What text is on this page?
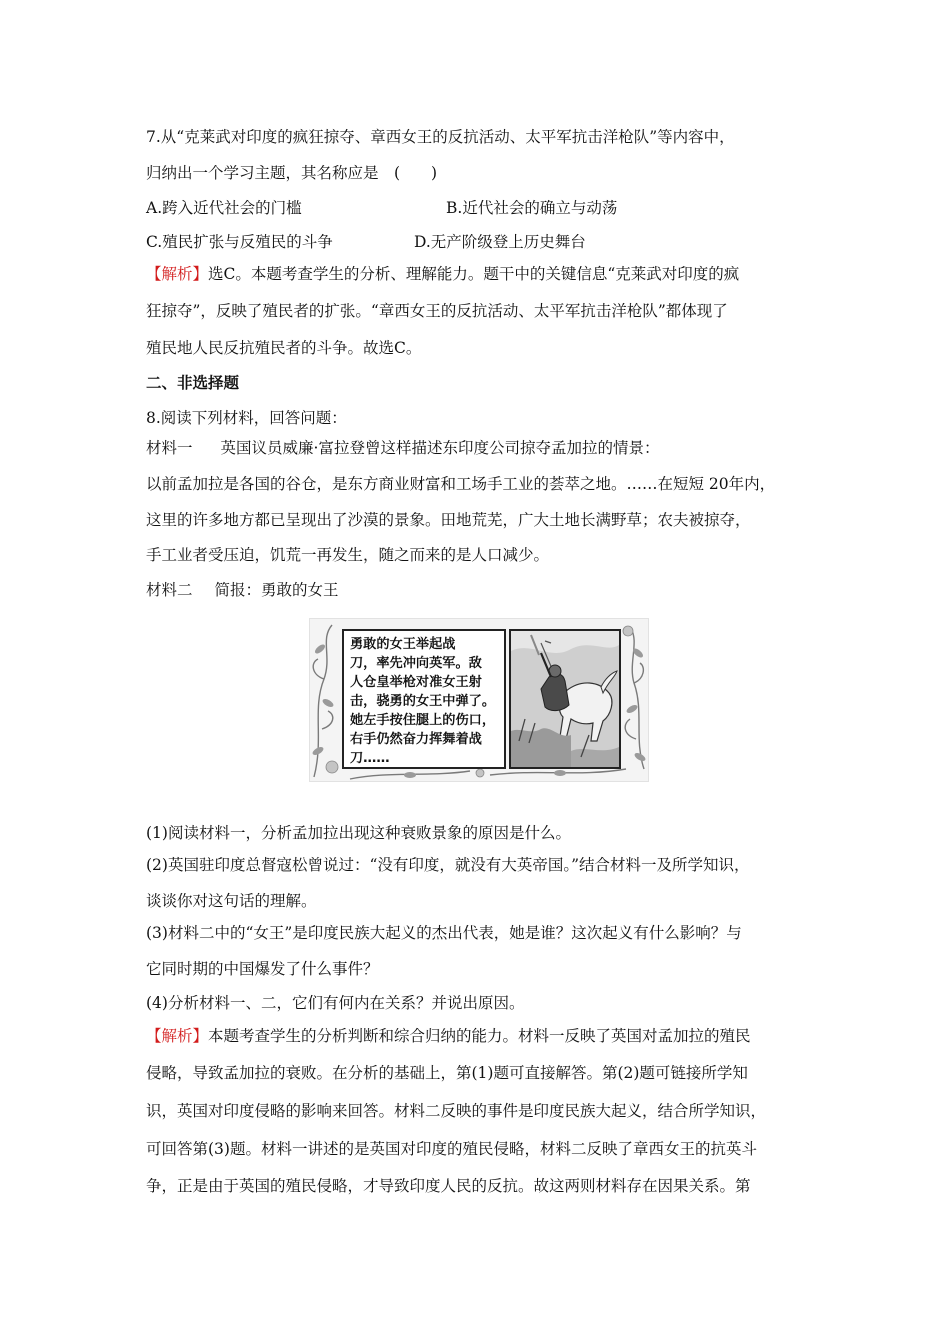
7.从“克莱武对印度的疯狂掠夺、章西女王的反抗活动、太平军抗击洋枪队”等内容中，
归纳出一个学习主题，其名称应是　(　　)
A.跨入近代社会的门槛	B.近代社会的确立与动荡
C.殖民扩张与反殖民的斗争	D.无产阶级登上历史舞台
【解析】选C。本题考查学生的分析、理解能力。题干中的关键信息“克莱武对印度的疯
狂掠夺”，反映了殖民者的扩张。“章西女王的反抗活动、太平军抗击洋枪队”都体现了
殖民地人民反抗殖民者的斗争。故选C。
二、非选择题
8.阅读下列材料，回答问题：
材料一 英国议员威廉·富拉登曾这样描述东印度公司掠夺孟加拉的情景：
以前孟加拉是各国的谷仓，是东方商业财富和工场手工业的荟萃之地。……在短短 20年内，
这里的许多地方都已呈现出了沙漠的景象。田地荒芜，广大土地长满野草；农夫被掠夺，
手工业者受压迫，饥荒一再发生，随之而来的是人口减少。
材料二 简报：勇敢的女王
勇敢的女王举起战
刀，率先冲向英军。敌
人仓皇举枪对准女王射
击，骁勇的女王中弹了。
她左手按住腿上的伤口，
右手仍然奋力挥舞着战
刀……
(1)阅读材料一，分析孟加拉出现这种衰败景象的原因是什么。
(2)英国驻印度总督寇松曾说过：“没有印度，就没有大英帝国。”结合材料一及所学知识，
谈谈你对这句话的理解。
(3)材料二中的“女王”是印度民族大起义的杰出代表，她是谁？这次起义有什么影响？与
它同时期的中国爆发了什么事件？
(4)分析材料一、二，它们有何内在关系？并说出原因。
【解析】本题考查学生的分析判断和综合归纳的能力。材料一反映了英国对孟加拉的殖民
侵略，导致孟加拉的衰败。在分析的基础上，第(1)题可直接解答。第(2)题可链接所学知
识，英国对印度侵略的影响来回答。材料二反映的事件是印度民族大起义，结合所学知识，
可回答第(3)题。材料一讲述的是英国对印度的殖民侵略，材料二反映了章西女王的抗英斗
争，正是由于英国的殖民侵略，才导致印度人民的反抗。故这两则材料存在因果关系。第
